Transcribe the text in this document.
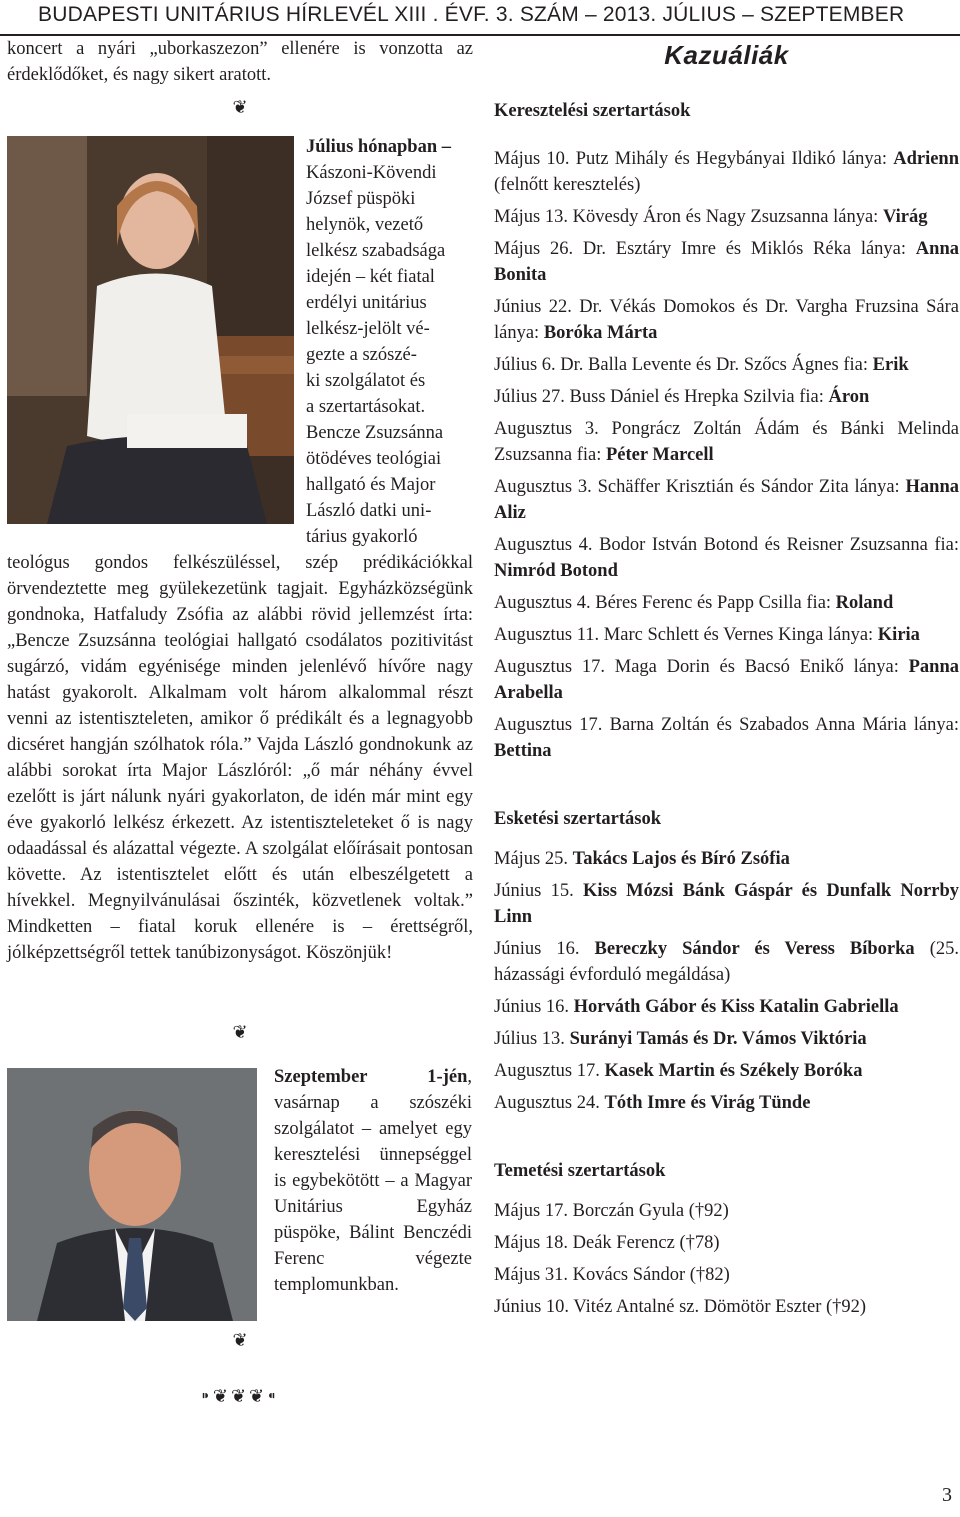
BUDAPESTI UNITÁRIUS HÍRLEVÉL XIII . ÉVF. 3. SZÁM – 2013. JÚLIUS – SZEPTEMBER

koncert a nyári „uborkaszezon” ellenére is vonzotta az érdeklődőket, és nagy sikert aratott.

❦

Július hónapban –

Kászoni-Kövendi

József püspöki

helynök, vezető

lelkész szabadsága

idején – két fiatal

erdélyi unitárius

lelkész-jelölt vé-

gezte a szószé-

ki szolgálatot és

a szertartásokat.

Bencze Zsuzsánna

ötödéves teológiai

hallgató és Major

László datki uni-

tárius gyakorló

teológus gondos felkészüléssel, szép prédikációkkal örvendeztette meg gyülekezetünk tagjait. Egyházközségünk gondnoka, Hatfaludy Zsófia az alábbi rövid jellemzést írta: „Bencze Zsuzsánna teológiai hallgató csodálatos pozitivitást sugárzó, vidám egyénisége minden jelenlévő hívőre nagy hatást gyakorolt. Alkalmam volt három alkalommal részt venni az istentiszteleten, amikor ő prédikált és a legnagyobb dicséret hangján szólhatok róla.” Vajda László gondnokunk az alábbi sorokat írta Major Lászlóról: „ő már néhány évvel ezelőtt is járt nálunk nyári gyakorlaton, de idén már mint egy éve gyakorló lelkész érkezett. Az istentiszteleteket ő is nagy odaadással és alázattal végezte. A szolgálat előírásait pontosan követte. Az istentisztelet előtt és után elbeszélgetett a hívekkel. Megnyilvánulásai őszinték, közvetlenek voltak.” Mindketten – fiatal koruk ellenére is – érettségről, jólképzettségről tettek tanúbizonyságot. Köszönjük!

❦

Szeptember 1-jén, vasárnap a szószéki szolgálatot – amelyet egy keresztelési ünnepséggel is egybekötött – a Magyar Unitárius Egyház püspöke, Bálint Benczédi Ferenc végezte templomunkban.

❦
⁍❦❦❦⁌
Kazuáliák
Keresztelési szertartások

Május 10. Putz Mihály és Hegybányai Ildikó lánya: Adrienn (felnőtt keresztelés)

Május 13. Kövesdy Áron és Nagy Zsuzsanna lánya: Virág

Május 26. Dr. Esztáry Imre és Miklós Réka lánya: Anna Bonita

Június 22. Dr. Vékás Domokos és Dr. Vargha Fruzsina Sára lánya: Boróka Márta

Július 6. Dr. Balla Levente és Dr. Szőcs Ágnes fia: Erik

Július 27. Buss Dániel és Hrepka Szilvia fia: Áron

Augusztus 3. Pongrácz Zoltán Ádám és Bánki Melinda Zsuzsanna fia: Péter Marcell

Augusztus 3. Schäffer Krisztián és Sándor Zita lánya: Hanna Aliz

Augusztus 4. Bodor István Botond és Reisner Zsuzsanna fia: Nimród Botond

Augusztus 4. Béres Ferenc és Papp Csilla fia: Roland

Augusztus 11. Marc Schlett és Vernes Kinga lánya: Kiria

Augusztus 17. Maga Dorin és Bacsó Enikő lánya: Panna Arabella

Augusztus 17. Barna Zoltán és Szabados Anna Mária lánya: Bettina

Esketési szertartások

Május 25. Takács Lajos és Bíró Zsófia

Június 15. Kiss Mózsi Bánk Gáspár és Dunfalk Norrby Linn

Június 16. Bereczky Sándor és Veress Bíborka (25. házassági évforduló megáldása)

Június 16. Horváth Gábor és Kiss Katalin Gabriella

Július 13. Surányi Tamás és Dr. Vámos Viktória

Augusztus 17. Kasek Martin és Székely Boróka

Augusztus 24. Tóth Imre és Virág Tünde

Temetési szertartások

Május 17. Borczán Gyula (†92)

Május 18. Deák Ferencz (†78)

Május 31. Kovács Sándor (†82)

Június 10. Vitéz Antalné sz. Dömötör Eszter (†92)

3
